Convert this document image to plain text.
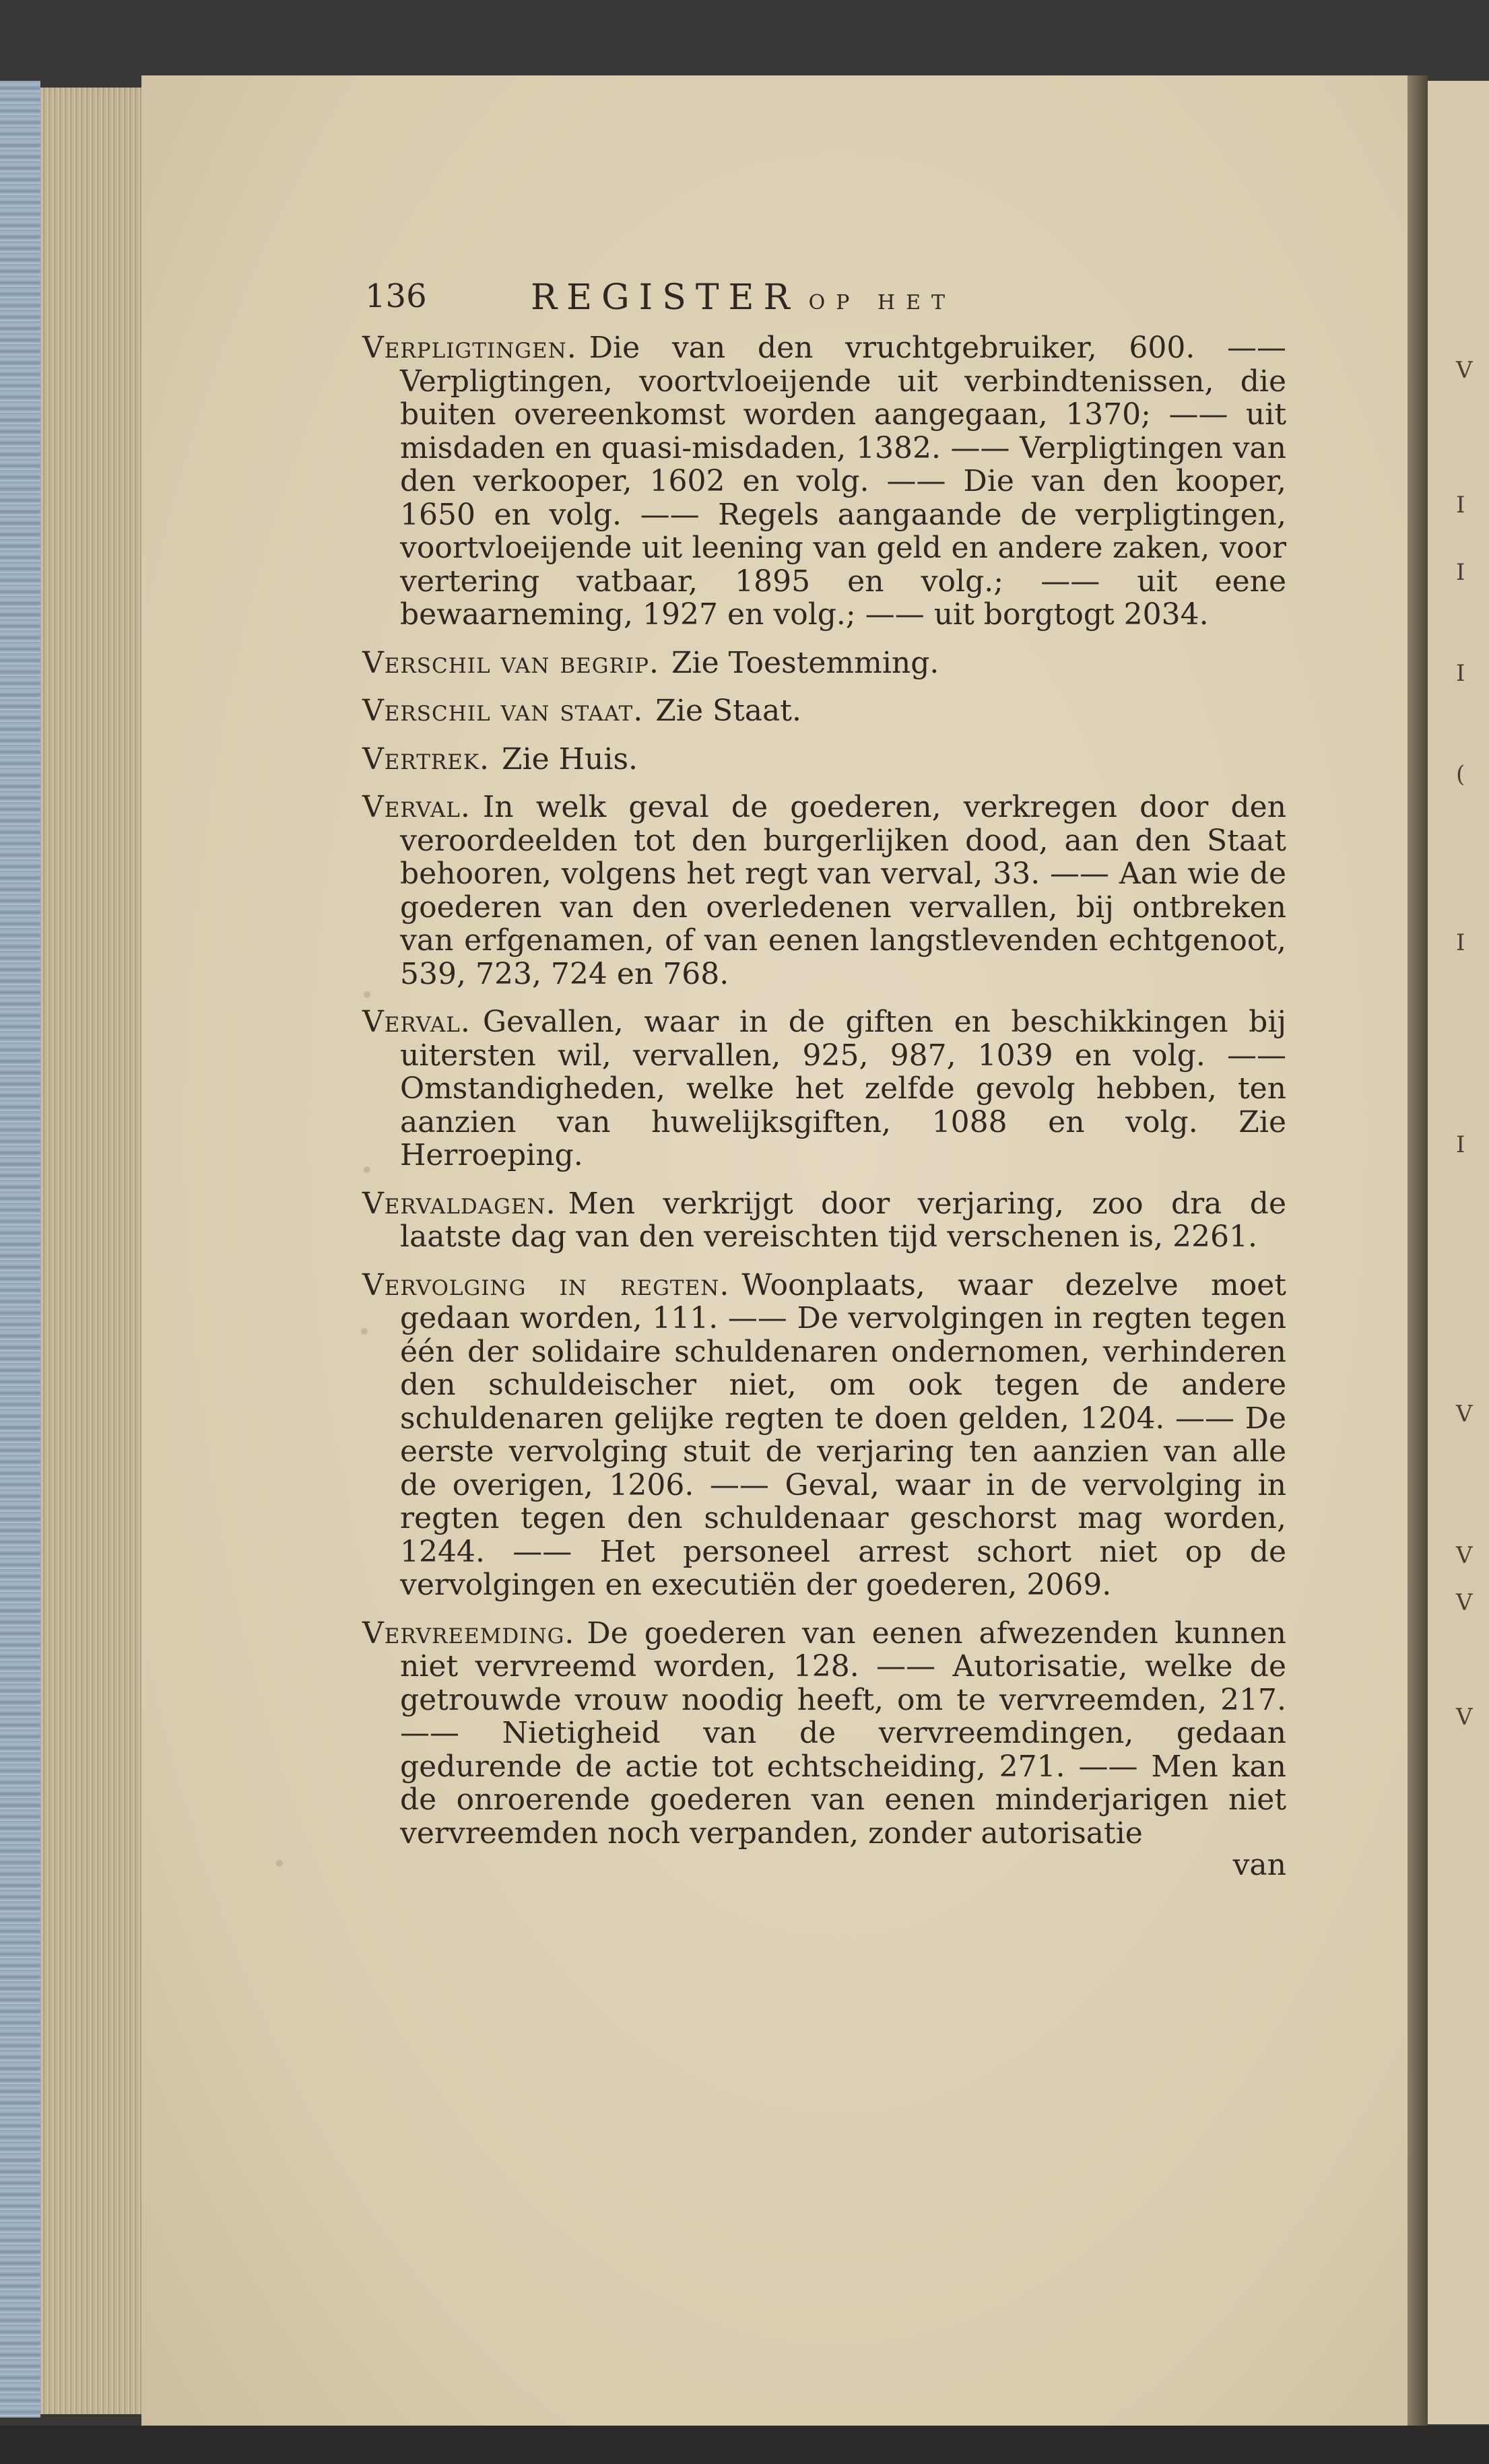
V
I
I
I
(
I
I
V
V
V
V
136	REGISTER OP HET

Verpligtingen. Die van den vruchtgebruiker, 600. —— Verpligtingen, voortvloeijende uit verbindtenissen, die buiten overeenkomst worden aangegaan, 1370; —— uit misdaden en quasi-misdaden, 1382. —— Verpligtingen van den verkooper, 1602 en volg. —— Die van den kooper, 1650 en volg. —— Regels aangaande de verpligtingen, voortvloeijende uit leening van geld en andere zaken, voor vertering vatbaar, 1895 en volg.; —— uit eene bewaarneming, 1927 en volg.; —— uit borgtogt 2034.

Verschil van begrip. Zie Toestemming.

Verschil van staat. Zie Staat.

Vertrek. Zie Huis.

Verval. In welk geval de goederen, verkregen door den veroordeelden tot den burgerlijken dood, aan den Staat behooren, volgens het regt van verval, 33. —— Aan wie de goederen van den overledenen vervallen, bij ontbreken van erfgenamen, of van eenen langstlevenden echtgenoot, 539, 723, 724 en 768.

Verval. Gevallen, waar in de giften en beschikkingen bij uitersten wil, vervallen, 925, 987, 1039 en volg. —— Omstandigheden, welke het zelfde gevolg hebben, ten aanzien van huwelijksgiften, 1088 en volg. Zie Herroeping.

Vervaldagen. Men verkrijgt door verjaring, zoo dra de laatste dag van den vereischten tijd verschenen is, 2261.

Vervolging in regten. Woonplaats, waar dezelve moet gedaan worden, 111. —— De vervolgingen in regten tegen één der solidaire schuldenaren ondernomen, verhinderen den schuldeischer niet, om ook tegen de andere schuldenaren gelijke regten te doen gelden, 1204. —— De eerste vervolging stuit de verjaring ten aanzien van alle de overigen, 1206. —— Geval, waar in de vervolging in regten tegen den schuldenaar geschorst mag worden, 1244. —— Het personeel arrest schort niet op de vervolgingen en executiën der goederen, 2069.

Vervreemding. De goederen van eenen afwezenden kunnen niet vervreemd worden, 128. —— Autorisatie, welke de getrouwde vrouw noodig heeft, om te vervreemden, 217. —— Nietigheid van de vervreemdingen, gedaan gedurende de actie tot echtscheiding, 271. —— Men kan de onroerende goederen van eenen minderjarigen niet vervreemden noch verpanden, zonder autorisatie

van
